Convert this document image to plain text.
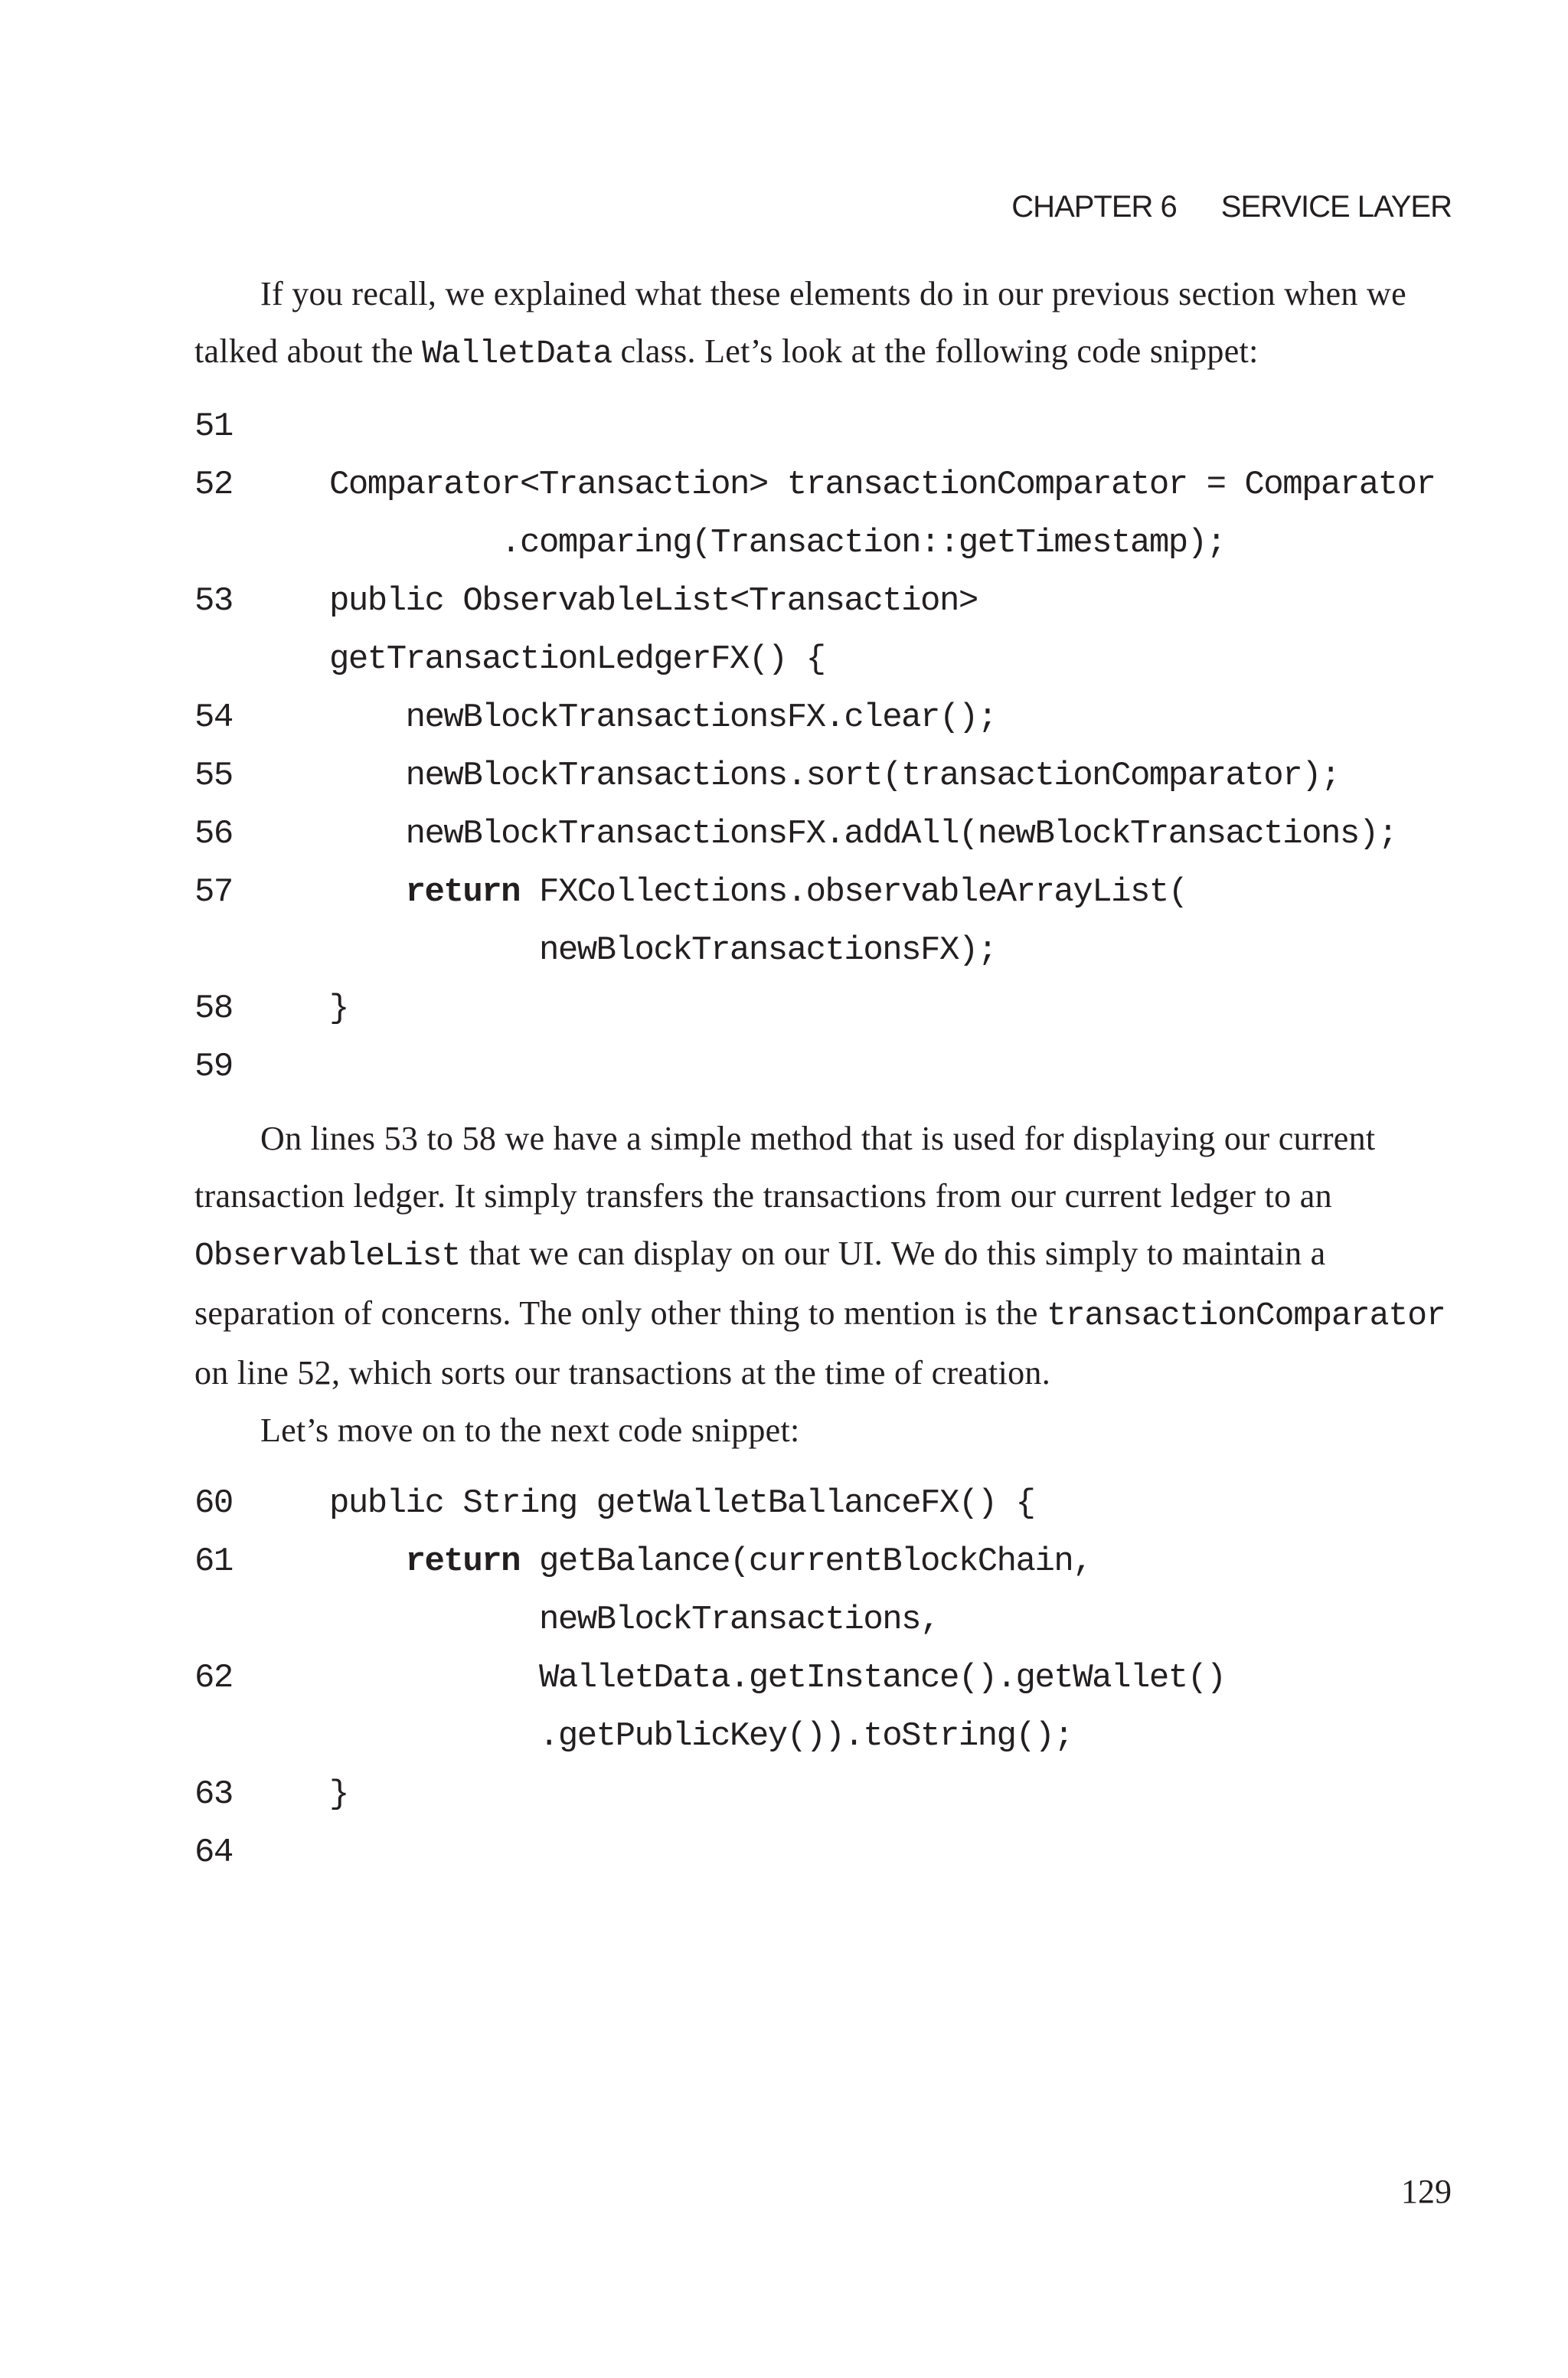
CHAPTER 6 SERVICE LAYER

If you recall, we explained what these elements do in our previous section when we talked about the WalletData class. Let’s look at the following code snippet:

51
52	Comparator<Transaction> transactionComparator = Comparator
.comparing(Transaction::getTimestamp);
53	public ObservableList<Transaction>
getTransactionLedgerFX() {
54	newBlockTransactionsFX.clear();
55	newBlockTransactions.sort(transactionComparator);
56	newBlockTransactionsFX.addAll(newBlockTransactions);
57	return FXCollections.observableArrayList(
newBlockTransactionsFX);
58	}
59

On lines 53 to 58 we have a simple method that is used for displaying our current transaction ledger. It simply transfers the transactions from our current ledger to an ObservableList that we can display on our UI. We do this simply to maintain a separation of concerns. The only other thing to mention is the transactionComparator on line 52, which sorts our transactions at the time of creation.

Let’s move on to the next code snippet:

60	public String getWalletBallanceFX() {
61	return getBalance(currentBlockChain,
newBlockTransactions,
62	WalletData.getInstance().getWallet()
.getPublicKey()).toString();
63	}
64
129
